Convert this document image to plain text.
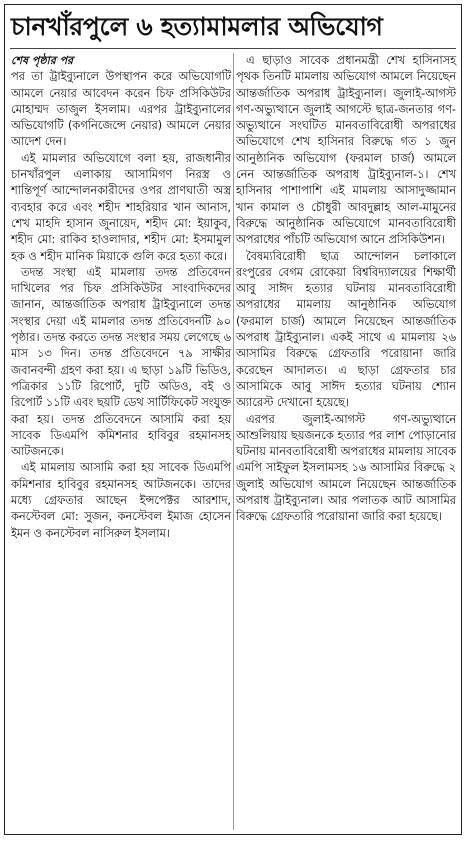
চানখাঁরপুলে ৬ হত্যামামলার অভিযোগ
শেষ পৃষ্ঠার পর

পর তা ট্রাইব্যুনালে উপস্থাপন করে অভিযোগটি আমলে নেয়ার আবেদন করেন চিফ প্রসিকিউটর মোহাম্মদ তাজুল ইসলাম। এরপর ট্রাইব্যুনালের অভিযোগটি (কগনিজেন্সে নেয়ার) আমলে নেয়ার আদেশ দেন।

এই মামলার অভিযোগে বলা হয়, রাজধানীর চানখাঁরপুল এলাকায় আসামিগণ নিরস্ত্র ও শান্তিপূর্ণ আন্দোলনকারীদের ওপর প্রাণঘাতী অস্ত্র ব্যবহার করে এবং শহীদ শাহরিয়ার খান আনাস, শেখ মাহদি হাসান জুনায়েদ, শহীদ মো: ইয়াকুব, শহীদ মো: রাকিব হাওলাদার, শহীদ মো: ইসমামুল হক ও শহীদ মানিক মিয়াকে গুলি করে হত্যা করে।

তদন্ত সংস্থা এই মামলায় তদন্ত প্রতিবেদন দাখিলের পর চিফ প্রসিকিউটর সাংবাদিকদের জানান, আন্তর্জাতিক অপরাধ ট্রাইব্যুনালে তদন্ত সংস্থার দেয়া এই মামলার তদন্ত প্রতিবেদনটি ৯০ পৃষ্ঠার। তদন্ত করতে তদন্ত সংস্থার সময় লেগেছে ৬ মাস ১৩ দিন। তদন্ত প্রতিবেদনে ৭৯ সাক্ষীর জবানবন্দী গ্রহণ করা হয়। এ ছাড়া ১৯টি ভিডিও, পত্রিকার ১১টি রিপোর্ট, দুটি অডিও, বই ও রিপোর্ট ১১টি এবং ছয়টি ডেথ সার্টিফিকেট সংযুক্ত করা হয়। তদন্ত প্রতিবেদনে আসামি করা হয় সাবেক ডিএমপি কমিশনার হাবিবুর রহমানসহ আটজনকে।

এই মামলায় আসামি করা হয় সাবেক ডিএমপি কমিশনার হাবিবুর রহমানসহ আটজনকে। তাদের মধ্যে গ্রেফতার আছেন ইন্সপেক্টর আরশাদ, কনস্টেবল মো: সুজন, কনস্টেবল ইমাজ হোসেন ইমন ও কনস্টেবল নাসিরুল ইসলাম।

এ ছাড়াও সাবেক প্রধানমন্ত্রী শেখ হাসিনাসহ পৃথক তিনটি মামলায় অভিযোগ আমলে নিয়েছেন আন্তর্জাতিক অপরাধ ট্রাইব্যুনাল। জুলাই-আগস্ট গণ-অভ্যুত্থানে জুলাই আগস্টে ছাত্র-জনতার গণ-অভ্যুত্থানে সংঘটিত মানবতাবিরোধী অপরাধের অভিযোগে শেখ হাসিনার বিরুদ্ধে গত ১ জুন আনুষ্ঠানিক অভিযোগ (ফরমাল চার্জ) আমলে নেন আন্তর্জাতিক অপরাধ ট্রাইব্যুনাল-১। শেখ হাসিনার পাশাপাশি এই মামলায় আসাদুজ্জামান খান কামাল ও চৌধুরী আবদুল্লাহ আল-মামুনের বিরুদ্ধে আনুষ্ঠানিক অভিযোগে মানবতাবিরোধী অপরাধের পাঁচটি অভিযোগ আনে প্রসিকিউশন।

বৈষম্যবিরোধী ছাত্র আন্দোলন চলাকালে রংপুরের বেগম রোকেয়া বিশ্ববিদ্যালয়ের শিক্ষার্থী আবু সাঈদ হত্যার ঘটনায় মানবতাবিরোধী অপরাধের মামলায় আনুষ্ঠানিক অভিযোগ (ফরমাল চার্জ) আমলে নিয়েছেন আন্তর্জাতিক অপরাধ ট্রাইব্যুনাল। একই সাথে এ মামলায় ২৬ আসামির বিরুদ্ধে গ্রেফতারি পরোয়ানা জারি করেছেন আদালত। এ ছাড়া গ্রেফতার চার আসামিকে আবু সাঈদ হত্যার ঘটনায় শ্যোন অ্যারেস্ট দেখানো হয়েছে।

এরপর জুলাই-আগস্ট গণ-অভ্যুত্থানে আশুলিয়ায় ছয়জনকে হত্যার পর লাশ পোড়ানোর ঘটনায় মানবতাবিরোধী অপরাধের মামলায় সাবেক এমপি সাইফুল ইসলামসহ ১৬ আসামির বিরুদ্ধে ২ জুলাই অভিযোগ আমলে নিয়েছেন আন্তর্জাতিক অপরাধ ট্রাইব্যুনাল। আর পলাতক আট আসামির বিরুদ্ধে গ্রেফতারি পরোয়ানা জারি করা হয়েছে।
